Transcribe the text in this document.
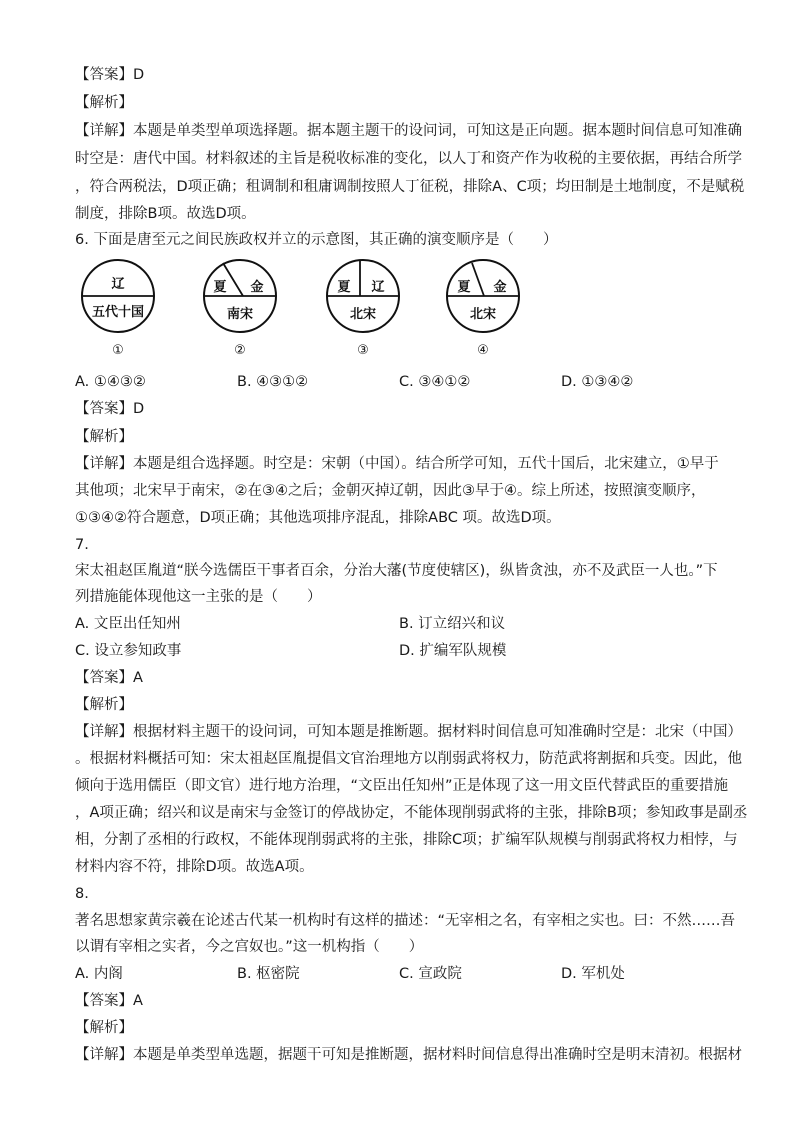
【答案】D
【解析】
【详解】本题是单类型单项选择题。据本题主题干的设问词，可知这是正向题。据本题时间信息可知准确
时空是：唐代中国。材料叙述的主旨是税收标准的变化，以人丁和资产作为收税的主要依据，再结合所学
，符合两税法，D项正确；租调制和租庸调制按照人丁征税，排除A、C项；均田制是土地制度，不是赋税
制度，排除B项。故选D项。
6. 下面是唐至元之间民族政权并立的示意图，其正确的演变顺序是（　　）
辽
五代十国
①
夏 金
南宋
②
夏 辽
北宋
③
夏 金
北宋
④
A. ①④③②	B. ④③①②	C. ③④①②	D. ①③④②
【答案】D
【解析】
【详解】本题是组合选择题。时空是：宋朝（中国）。结合所学可知，五代十国后，北宋建立，①早于
其他项；北宋早于南宋，②在③④之后；金朝灭掉辽朝，因此③早于④。综上所述，按照演变顺序，
①③④②符合题意，D项正确；其他选项排序混乱，排除ABC 项。故选D项。
7.
宋太祖赵匡胤道“朕今选儒臣干事者百余，分治大藩(节度使辖区)，纵皆贪浊，亦不及武臣一人也。”下
列措施能体现他这一主张的是（　　）
A. 文臣出任知州	B. 订立绍兴和议
C. 设立参知政事	D. 扩编军队规模
【答案】A
【解析】
【详解】根据材料主题干的设问词，可知本题是推断题。据材料时间信息可知准确时空是：北宋（中国）
。根据材料概括可知：宋太祖赵匡胤提倡文官治理地方以削弱武将权力，防范武将割据和兵变。因此，他
倾向于选用儒臣（即文官）进行地方治理，“文臣出任知州”正是体现了这一用文臣代替武臣的重要措施
，A项正确；绍兴和议是南宋与金签订的停战协定，不能体现削弱武将的主张，排除B项；参知政事是副丞
相，分割了丞相的行政权，不能体现削弱武将的主张，排除C项；扩编军队规模与削弱武将权力相悖，与
材料内容不符，排除D项。故选A项。
8.
著名思想家黄宗羲在论述古代某一机构时有这样的描述：“无宰相之名，有宰相之实也。曰：不然……吾
以谓有宰相之实者，今之宫奴也。”这一机构指（　　）
A. 内阁	B. 枢密院	C. 宣政院	D. 军机处
【答案】A
【解析】
【详解】本题是单类型单选题，据题干可知是推断题，据材料时间信息得出准确时空是明末清初。根据材
